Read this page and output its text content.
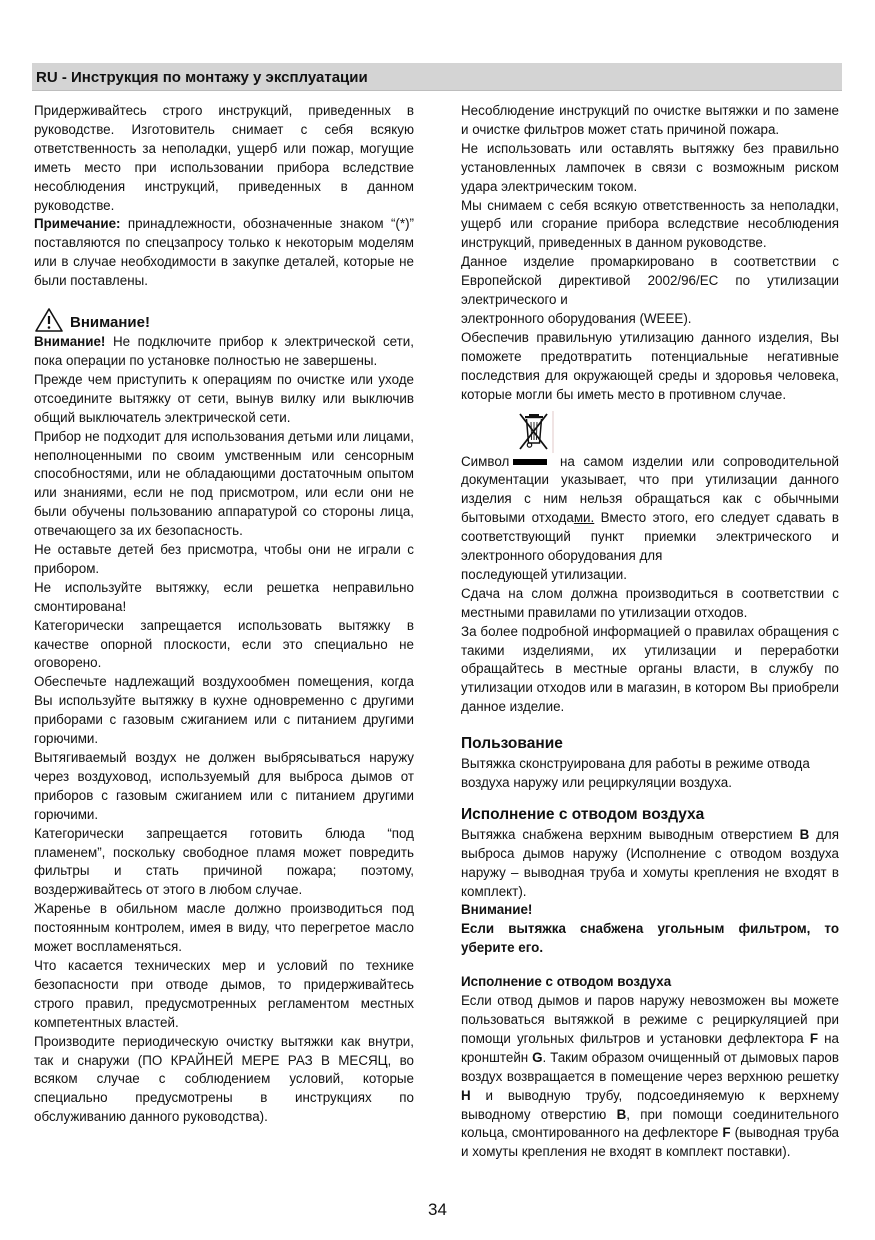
RU - Инструкция по монтажу у эксплуатации

Придерживайтесь строго инструкций, приведенных в руководстве. Изготовитель снимает с себя всякую ответственность за неполадки, ущерб или пожар, могущие иметь место при использовании прибора вследствие несоблюдения инструкций, приведенных в данном руководстве.

Примечание: принадлежности, обозначенные знаком “(*)” поставляются по спецзапросу только к некоторым моделям или в случае необходимости в закупке деталей, которые не были поставлены.

Внимание!

Внимание! Не подключите прибор к электрической сети, пока операции по установке полностью не завершены.

Прежде чем приступить к операциям по очистке или уходе отсоедините вытяжку от сети, вынув вилку или выключив общий выключатель электрической сети.

Прибор не подходит для использования детьми или лицами, неполноценными по своим умственным или сенсорным способностями, или не обладающими достаточным опытом или знаниями, если не под присмотром, или если они не были обучены пользованию аппаратурой со стороны лица, отвечающего за их безопасность.

Не оставьте детей без присмотра, чтобы они не играли с прибором.

Не используйте вытяжку, если решетка неправильно смонтирована!

Категорически запрещается использовать вытяжку в качестве опорной плоскости, если это специально не оговорено.

Обеспечьте надлежащий воздухообмен помещения, когда Вы используйте вытяжку в кухне одновременно с другими приборами с газовым сжиганием или с питанием другими горючими.

Вытягиваемый воздух не должен выбрясываться наружу через воздуховод, используемый для выброса дымов от приборов с газовым сжиганием или с питанием другими горючими.

Категорически запрещается готовить блюда “под пламенем”, поскольку свободное пламя может повредить фильтры и стать причиной пожара; поэтому, воздерживайтесь от этого в любом случае.

Жаренье в обильном масле должно производиться под постоянным контролем, имея в виду, что перегретое масло может воспламеняться.

Что касается технических мер и условий по технике безопасности при отводе дымов, то придерживайтесь строго правил, предусмотренных регламентом местных компетентных властей.

Производите периодическую очистку вытяжки как внутри, так и снаружи (ПО КРАЙНЕЙ МЕРЕ РАЗ В МЕСЯЦ, во всяком случае с соблюдением условий, которые специально предусмотрены в инструкциях по обслуживанию данного руководства).

Несоблюдение инструкций по очистке вытяжки и по замене и очистке фильтров может стать причиной пожара.

Не использовать или оставлять вытяжку без правильно установленных лампочек в связи с возможным риском удара электрическим током.

Мы снимаем с себя всякую ответственность за неполадки, ущерб или сгорание прибора вследствие несоблюдения инструкций, приведенных в данном руководстве.

Данное изделие промаркировано в соответствии с Европейской директивой 2002/96/EC по утилизации электрического и

электронного оборудования (WEEE).

Обеспечив правильную утилизацию данного изделия, Вы поможете предотвратить потенциальные негативные последствия для окружающей среды и здоровья человека, которые могли бы иметь место в противном случае.

Символ	на самом изделии или сопроводительной документации указывает, что при утилизации данного изделия с ним нельзя обращаться как с обычными бытовыми отходами. Вместо этого, его следует сдавать в соответствующий пункт приемки электрического и электронного оборудования для

последующей утилизации.

Сдача на слом должна производиться в соответствии с местными правилами по утилизации отходов.

За более подробной информацией о правилах обращения с такими изделиями, их утилизации и переработки обращайтесь в местные органы власти, в службу по утилизации отходов или в магазин, в котором Вы приобрели данное изделие.

Пользование

Вытяжка сконструирована для работы в режиме отвода воздуха наружу или рециркуляции воздуха.

Исполнение с отводом воздуха

Вытяжка снабжена верхним выводным отверстием B для выброса дымов наружу (Исполнение с отводом воздуха наружу – выводная труба и хомуты крепления не входят в комплект).

Внимание!

Если вытяжка снабжена угольным фильтром, то уберите его.

Исполнение с отводом воздуха

Если отвод дымов и паров наружу невозможен вы можете пользоваться вытяжкой в режиме с рециркуляцией при помощи угольных фильтров и установки дефлектора F на кронштейн G. Таким образом очищенный от дымовых паров воздух возвращается в помещение через верхнюю решетку H и выводную трубу, подсоединяемую к верхнему выводному отверстию B, при помощи соединительного кольца, смонтированного на дефлекторе F (выводная труба и хомуты крепления не входят в комплект поставки).

34
